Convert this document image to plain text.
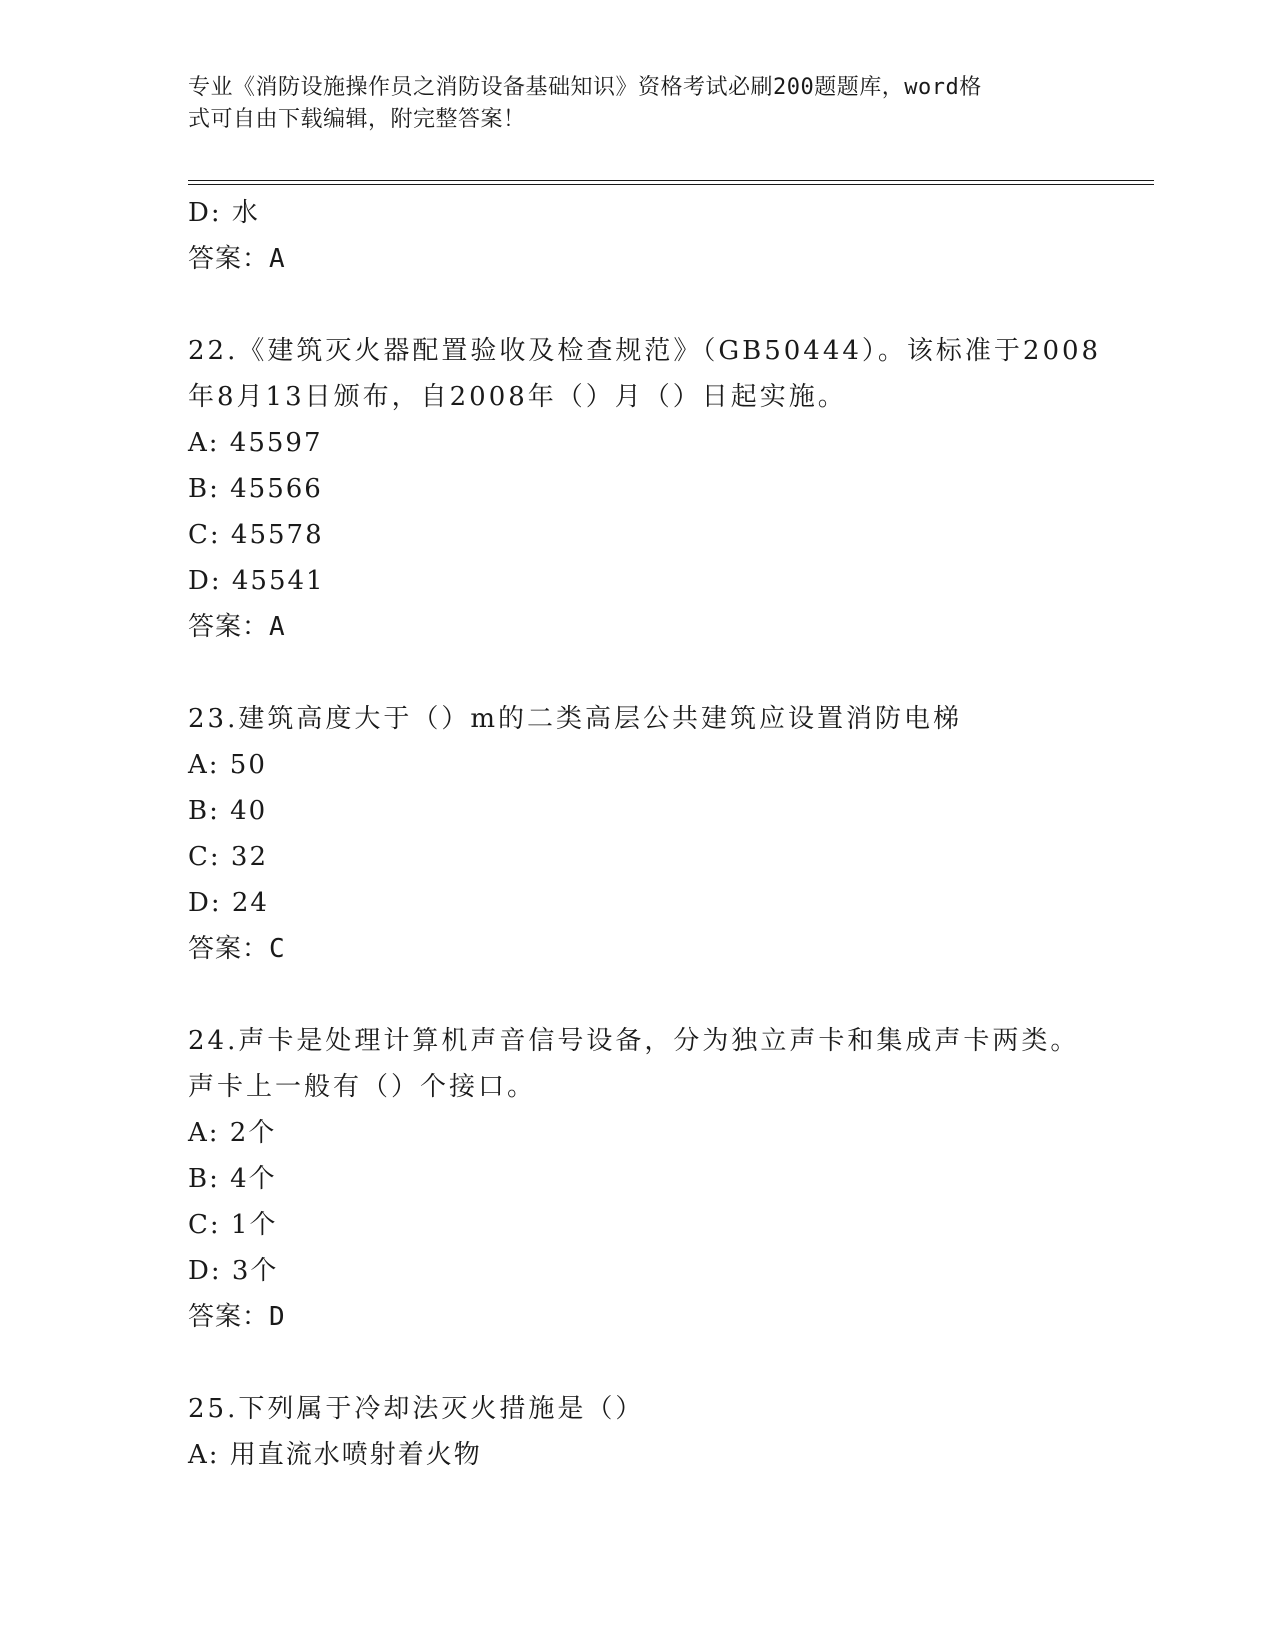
专业《消防设施操作员之消防设备基础知识》资格考试必刷200题题库，word格
式可自由下载编辑，附完整答案！
D: 水
答案：A
22.《建筑灭火器配置验收及检查规范》（GB50444）。该标准于2008
年8月13日颁布，自2008年（）月（）日起实施。
A: 45597
B: 45566
C: 45578
D: 45541
答案：A
23.建筑高度大于（）m的二类高层公共建筑应设置消防电梯
A: 50
B: 40
C: 32
D: 24
答案：C
24.声卡是处理计算机声音信号设备，分为独立声卡和集成声卡两类。
声卡上一般有（）个接口。
A: 2个
B: 4个
C: 1个
D: 3个
答案：D
25.下列属于冷却法灭火措施是（）
A: 用直流水喷射着火物
